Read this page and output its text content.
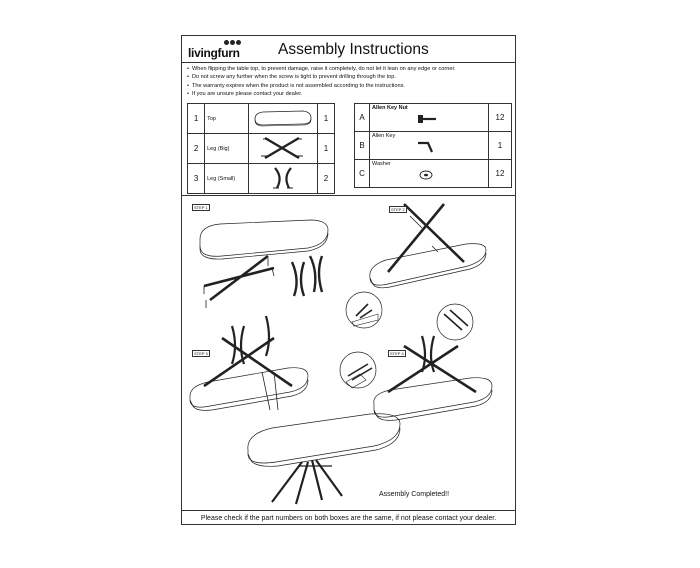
livingfurn Assembly Instructions
• When flipping the table top, to prevent damage, raise it completely, do not let it lean on any edge or corner.
• Do not screw any further when the screw is tight to prevent drilling through the top.
• The warranty expires when the product is not assembled according to the instructions.
• If you are unsure please contact your dealer.
1	Top		1
2	Leg (Big)		1
3	Leg (Small)		2
A	Allen Key Nut	12
B	Allen Key	1
C	Washer	12
STEP 1	STEP 2
STEP 3	STEP 4
Assembly Completed!!
Please check if the part numbers on both boxes are the same, if not please contact your dealer.
